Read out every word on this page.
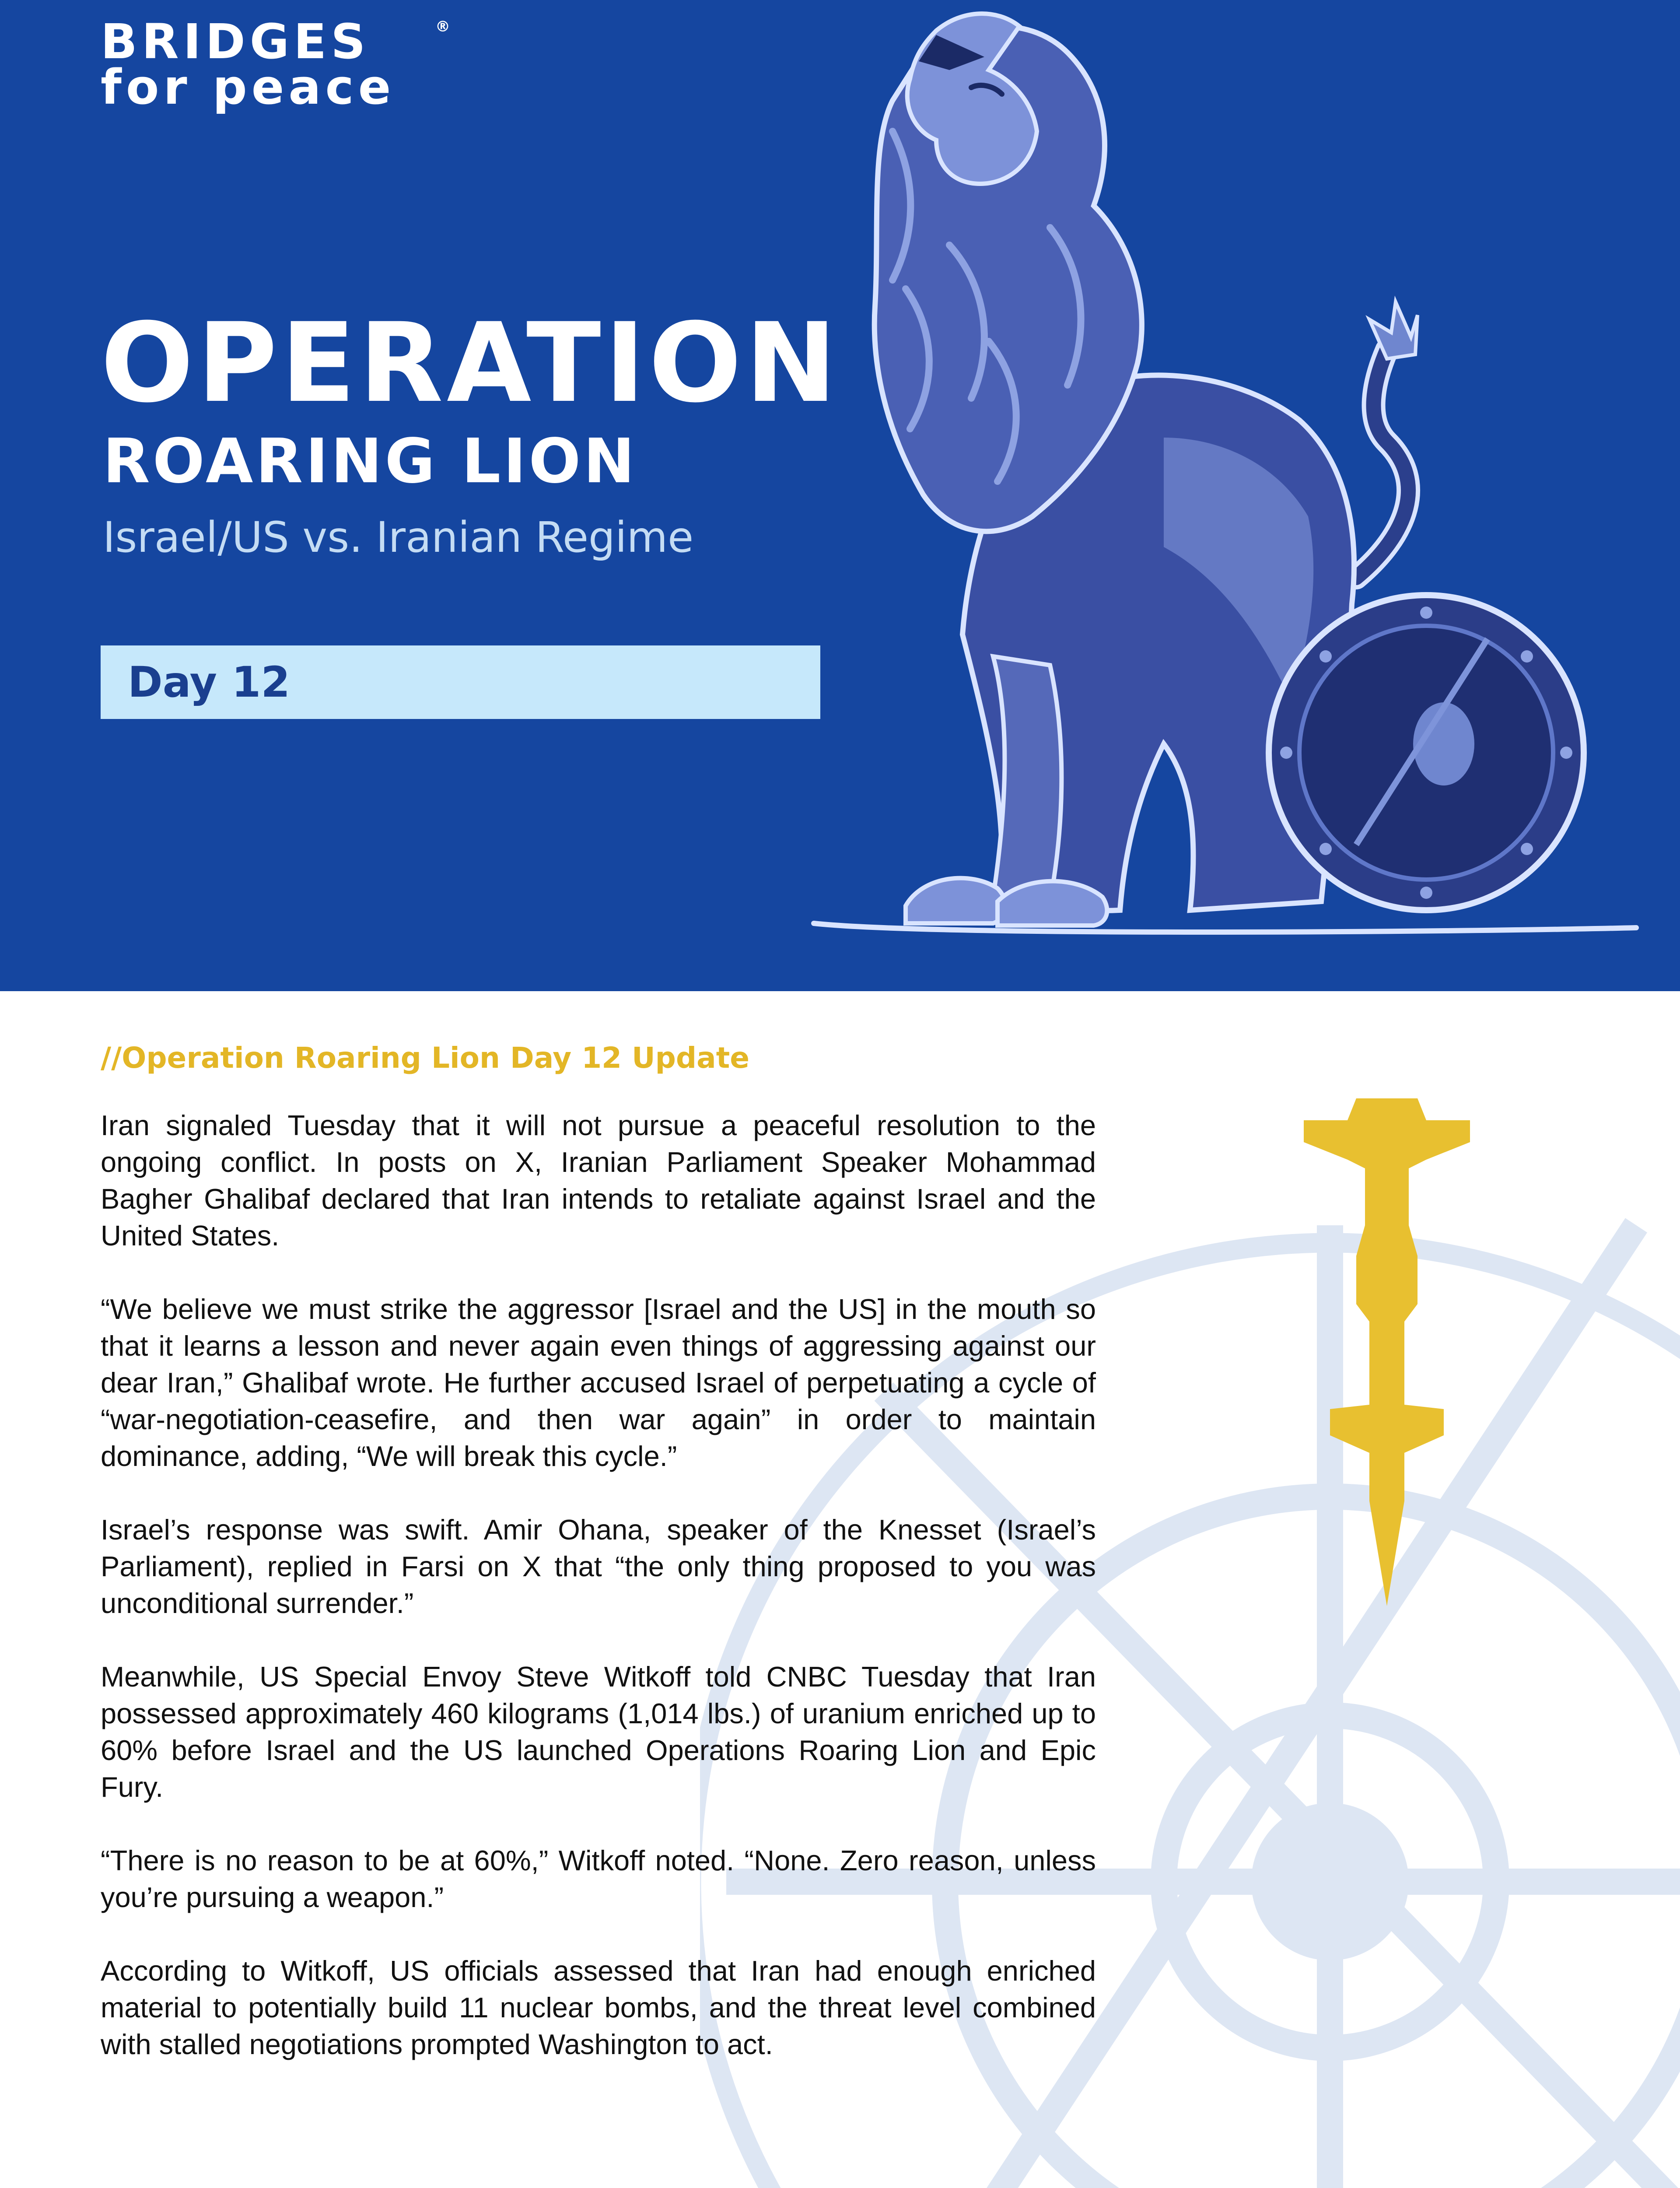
BRIDGES
for peace
®
OPERATION
ROARING LION
Israel/US vs. Iranian Regime
Day 12
//Operation Roaring Lion Day 12 Update

Iran signaled Tuesday that it will not pursue a peaceful resolution to the ongoing conflict. In posts on X, Iranian Parliament Speaker Mohammad Bagher Ghalibaf declared that Iran intends to retaliate against Israel and the United States.

“We believe we must strike the aggressor [Israel and the US] in the mouth so that it learns a lesson and never again even things of aggressing against our dear Iran,” Ghalibaf wrote. He further accused Israel of perpetuating a cycle of “war-negotiation-ceasefire, and then war again” in order to maintain dominance, adding, “We will break this cycle.”

Israel’s response was swift. Amir Ohana, speaker of the Knesset (Israel’s Parliament), replied in Farsi on X that “the only thing proposed to you was unconditional surrender.”

Meanwhile, US Special Envoy Steve Witkoff told CNBC Tuesday that Iran possessed approximately 460 kilograms (1,014 lbs.) of uranium enriched up to 60% before Israel and the US launched Operations Roaring Lion and Epic Fury.

“There is no reason to be at 60%,” Witkoff noted. “None. Zero reason, unless you’re pursuing a weapon.”

According to Witkoff, US officials assessed that Iran had enough enriched material to potentially build 11 nuclear bombs, and the threat level combined with stalled negotiations prompted Washington to act.
